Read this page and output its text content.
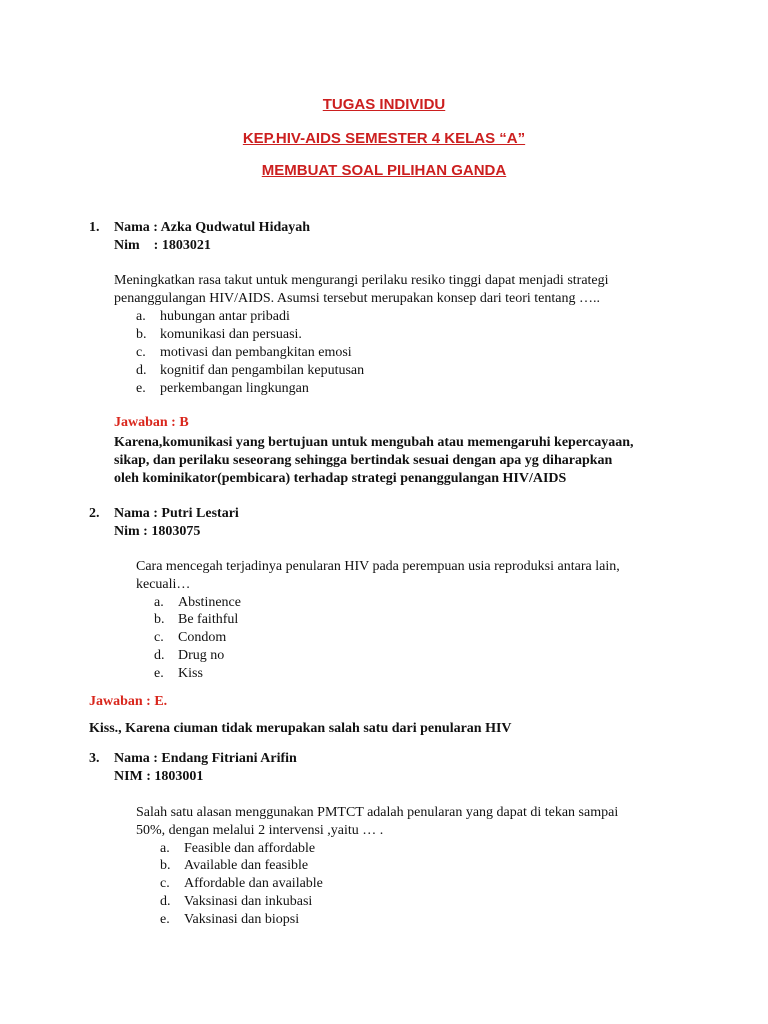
TUGAS INDIVIDU
KEP.HIV-AIDS SEMESTER 4 KELAS “A”
MEMBUAT SOAL PILIHAN GANDA
1. Nama : Azka Qudwatul Hidayah
Nim    : 1803021
Meningkatkan rasa takut untuk mengurangi perilaku resiko tinggi dapat menjadi strategi
penanggulangan HIV/AIDS. Asumsi tersebut merupakan konsep dari teori tentang …..
a. hubungan antar pribadi
b. komunikasi dan persuasi.
c. motivasi dan pembangkitan emosi
d. kognitif dan pengambilan keputusan
e. perkembangan lingkungan
Jawaban : B
Karena,komunikasi yang bertujuan untuk mengubah atau memengaruhi kepercayaan,
sikap, dan perilaku seseorang sehingga bertindak sesuai dengan apa yg diharapkan
oleh kominikator(pembicara) terhadap strategi penanggulangan HIV/AIDS
2. Nama : Putri Lestari
Nim : 1803075
Cara mencegah terjadinya penularan HIV pada perempuan usia reproduksi antara lain,
kecuali…
a. Abstinence
b. Be faithful
c. Condom
d. Drug no
e. Kiss
Jawaban : E.
Kiss., Karena ciuman tidak merupakan salah satu dari penularan HIV
3. Nama : Endang Fitriani Arifin
NIM : 1803001
Salah satu alasan menggunakan PMTCT adalah penularan yang dapat di tekan sampai
50%, dengan melalui 2 intervensi ,yaitu … .
a. Feasible dan affordable
b. Available dan feasible
c. Affordable dan available
d. Vaksinasi dan inkubasi
e. Vaksinasi dan biopsi
